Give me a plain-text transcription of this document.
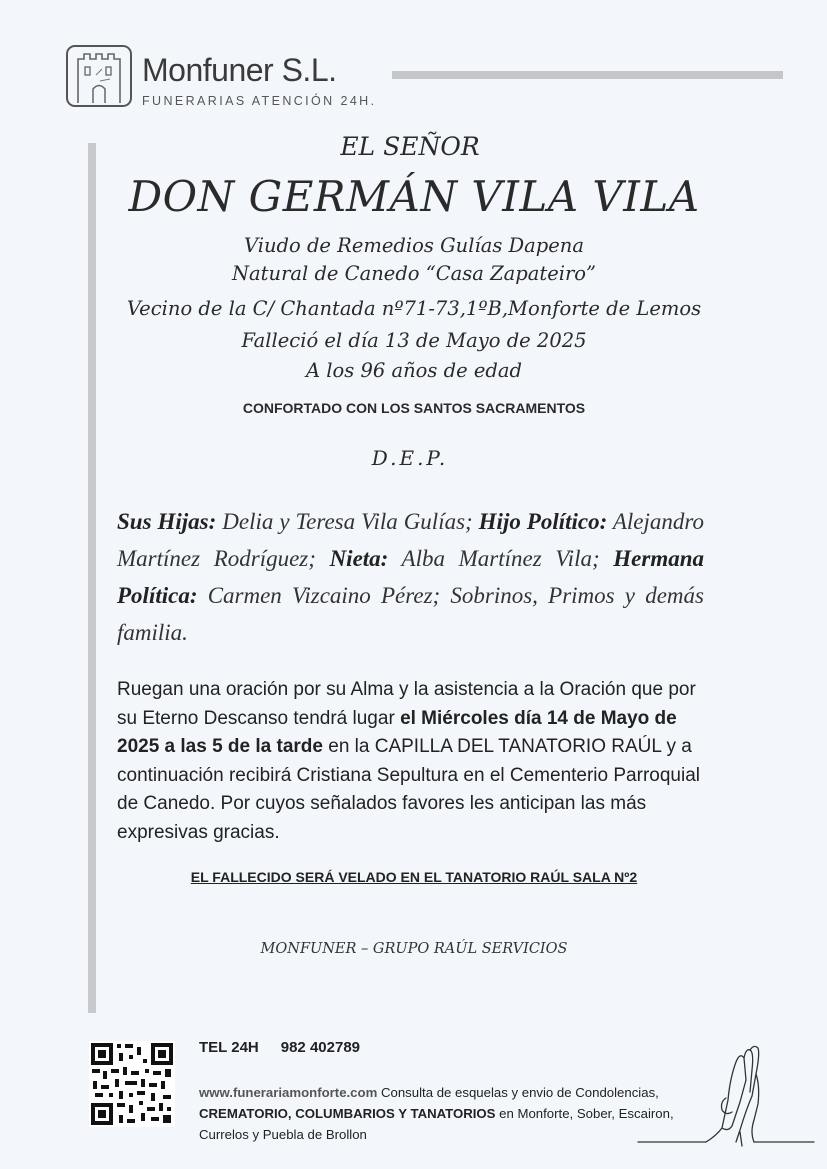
Monfuner S.L.
FUNERARIAS ATENCIÓN 24H.
EL SEÑOR
DON GERMÁN VILA VILA
Viudo de Remedios Gulías Dapena
Natural de Canedo “Casa Zapateiro”
Vecino de la C/ Chantada nº71-73,1ºB,Monforte de Lemos
Falleció el día 13 de Mayo de 2025
A los 96 años de edad
CONFORTADO CON LOS SANTOS SACRAMENTOS
D.E.P.
Sus Hijas: Delia y Teresa Vila Gulías; Hijo Político: Alejandro Martínez Rodríguez; Nieta: Alba Martínez Vila; Hermana Política: Carmen Vizcaino Pérez; Sobrinos, Primos y demás familia.
Ruegan una oración por su Alma y la asistencia a la Oración que por su Eterno Descanso tendrá lugar el Miércoles día 14 de Mayo de 2025 a las 5 de la tarde en la CAPILLA DEL TANATORIO RAÚL y a continuación recibirá Cristiana Sepultura en el Cementerio Parroquial de Canedo. Por cuyos señalados favores les anticipan las más expresivas gracias.
EL FALLECIDO SERÁ VELADO EN EL TANATORIO RAÚL SALA Nº2
MONFUNER – GRUPO RAÚL SERVICIOS
TEL 24H 982 402789
www.funerariamonforte.com Consulta de esquelas y envio de Condolencias, CREMATORIO, COLUMBARIOS Y TANATORIOS en Monforte, Sober, Escairon, Currelos y Puebla de Brollon
